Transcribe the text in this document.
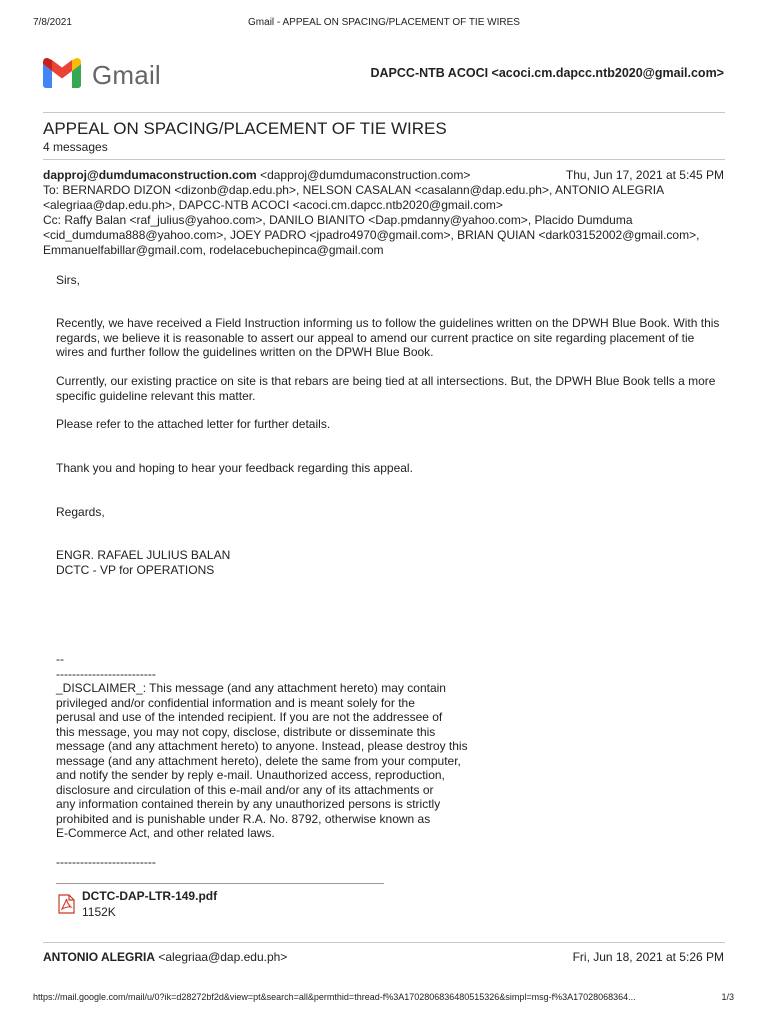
7/8/2021	Gmail - APPEAL ON SPACING/PLACEMENT OF TIE WIRES
Gmail	DAPCC-NTB ACOCI <acoci.cm.dapcc.ntb2020@gmail.com>
APPEAL ON SPACING/PLACEMENT OF TIE WIRES
4 messages
dapproj@dumdumaconstruction.com <dapproj@dumdumaconstruction.com>	Thu, Jun 17, 2021 at 5:45 PM
To: BERNARDO DIZON <dizonb@dap.edu.ph>, NELSON CASALAN <casalann@dap.edu.ph>, ANTONIO ALEGRIA
<alegriaa@dap.edu.ph>, DAPCC-NTB ACOCI <acoci.cm.dapcc.ntb2020@gmail.com>
Cc: Raffy Balan <raf_julius@yahoo.com>, DANILO BIANITO <Dap.pmdanny@yahoo.com>, Placido Dumduma
<cid_dumduma888@yahoo.com>, JOEY PADRO <jpadro4970@gmail.com>, BRIAN QUIAN <dark03152002@gmail.com>,
Emmanuelfabillar@gmail.com, rodelacebuchepinca@gmail.com
Sirs,
Recently, we have received a Field Instruction informing us to follow the guidelines written on the DPWH Blue Book. With this regards, we believe it is reasonable to assert our appeal to amend our current practice on site regarding placement of tie wires and further follow the guidelines written on the DPWH Blue Book.
Currently, our existing practice on site is that rebars are being tied at all intersections. But, the DPWH Blue Book tells a more specific guideline relevant this matter.
Please refer to the attached letter for further details.
Thank you and hoping to hear your feedback regarding this appeal.
Regards,
ENGR. RAFAEL JULIUS BALAN
DCTC - VP for OPERATIONS
--
-------------------------
_DISCLAIMER_: This message (and any attachment hereto) may contain
privileged and/or confidential information and is meant solely for the
perusal and use of the intended recipient. If you are not the addressee of
this message, you may not copy, disclose, distribute or disseminate this
message (and any attachment hereto) to anyone. Instead, please destroy this
message (and any attachment hereto), delete the same from your computer,
and notify the sender by reply e-mail. Unauthorized access, reproduction,
disclosure and circulation of this e-mail and/or any of its attachments or
any information contained therein by any unauthorized persons is strictly
prohibited and is punishable under R.A. No. 8792, otherwise known as
E-Commerce Act, and other related laws.

-------------------------
DCTC-DAP-LTR-149.pdf
1152K
ANTONIO ALEGRIA <alegriaa@dap.edu.ph>	Fri, Jun 18, 2021 at 5:26 PM
https://mail.google.com/mail/u/0?ik=d28272bf2d&view=pt&search=all&permthid=thread-f%3A1702806836480515326&simpl=msg-f%3A17028068364...	1/3
